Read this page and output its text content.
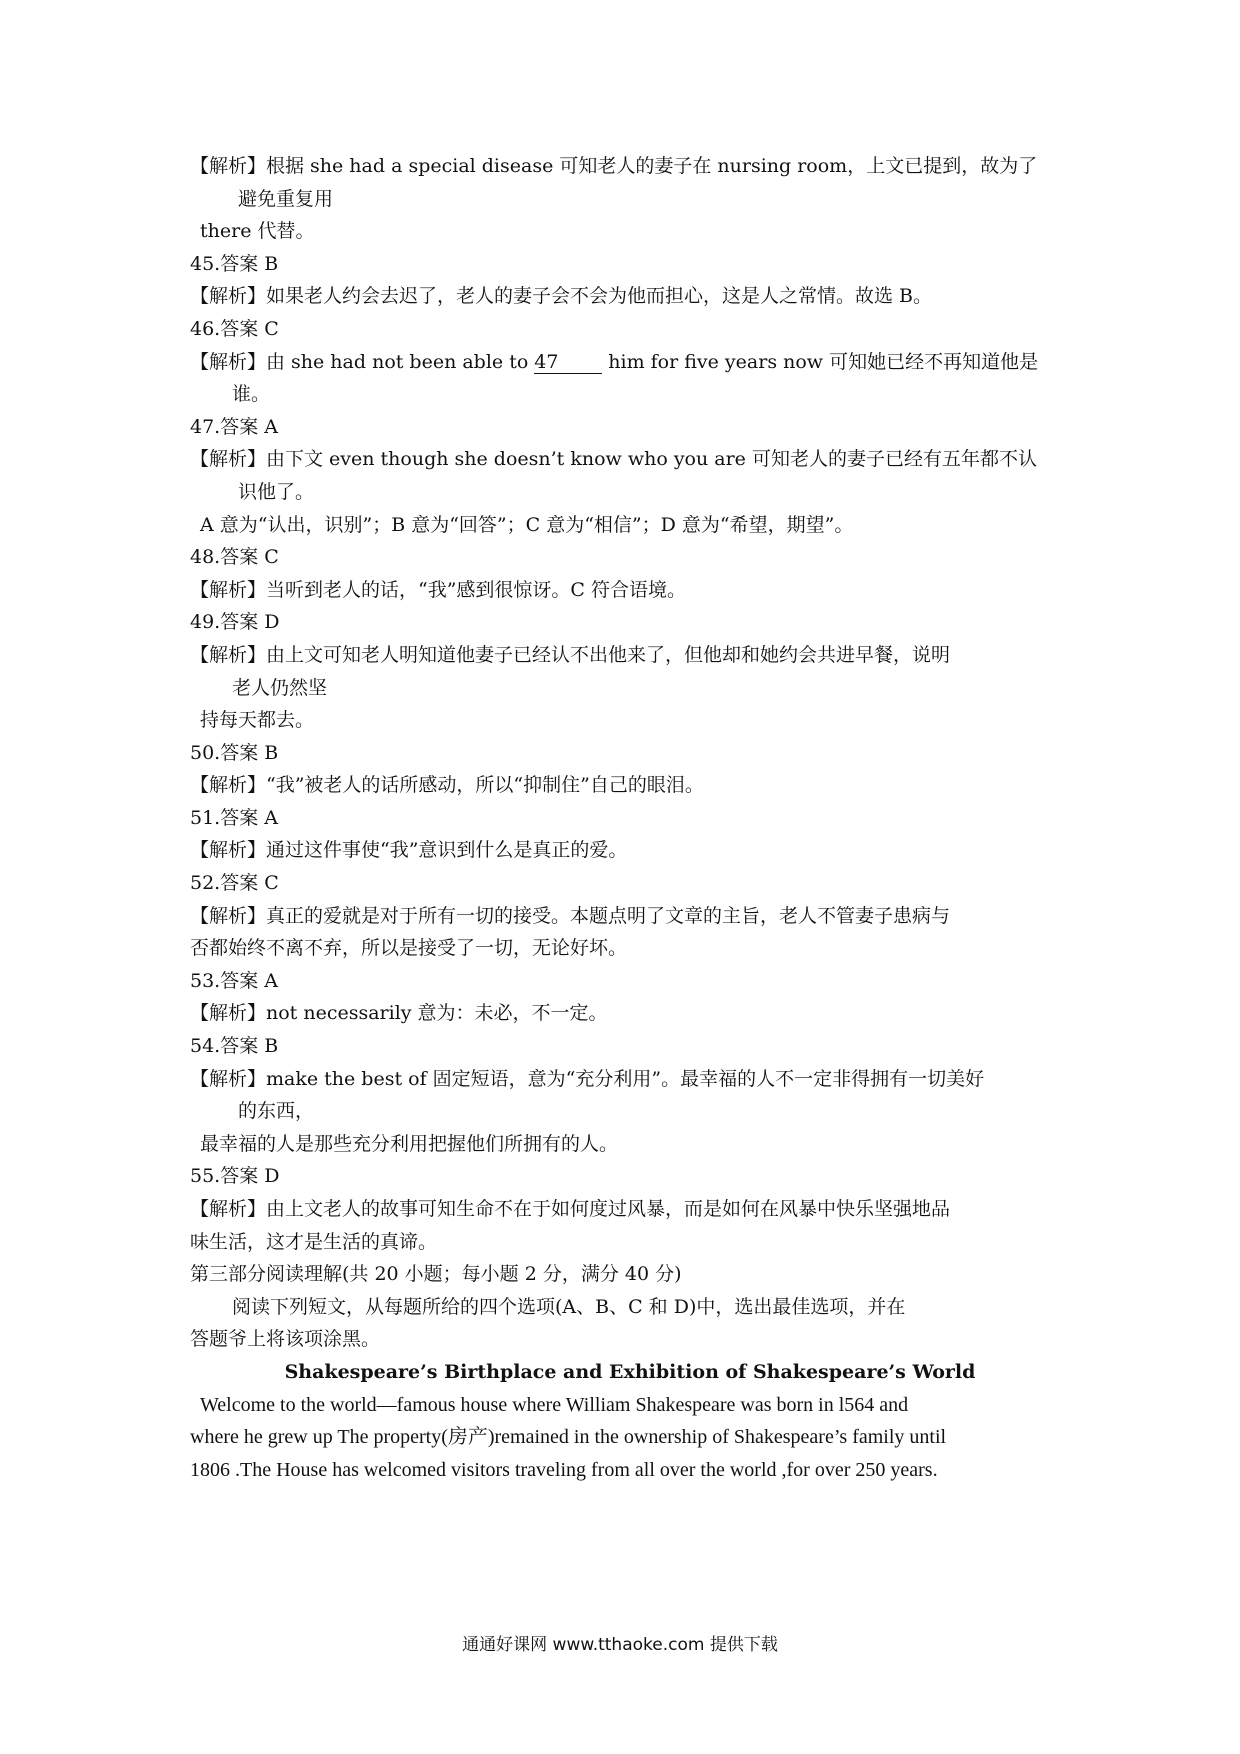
【解析】根据 she had a special disease 可知老人的妻子在 nursing room，上文已提到，故为了
避免重复用
there 代替。
45.答案 B
【解析】如果老人约会去迟了，老人的妻子会不会为他而担心，这是人之常情。故选 B。
46.答案 C
【解析】由 she had not been able to 47	him for five years now 可知她已经不再知道他是
谁。
47.答案 A
【解析】由下文 even though she doesn’t know who you are 可知老人的妻子已经有五年都不认
识他了。
A 意为“认出，识别”；B 意为“回答”；C 意为“相信”；D 意为“希望，期望”。
48.答案 C
【解析】当听到老人的话，“我”感到很惊讶。C 符合语境。
49.答案 D
【解析】由上文可知老人明知道他妻子已经认不出他来了，但他却和她约会共进早餐，说明
老人仍然坚
持每天都去。
50.答案 B
【解析】“我”被老人的话所感动，所以“抑制住”自己的眼泪。
51.答案 A
【解析】通过这件事使“我”意识到什么是真正的爱。
52.答案 C
【解析】真正的爱就是对于所有一切的接受。本题点明了文章的主旨，老人不管妻子患病与
否都始终不离不弃，所以是接受了一切，无论好坏。
53.答案 A
【解析】not necessarily 意为：未必，不一定。
54.答案 B
【解析】make the best of 固定短语，意为“充分利用”。最幸福的人不一定非得拥有一切美好
的东西，
最幸福的人是那些充分利用把握他们所拥有的人。
55.答案 D
【解析】由上文老人的故事可知生命不在于如何度过风暴，而是如何在风暴中快乐坚强地品
味生活，这才是生活的真谛。
第三部分阅读理解(共 20 小题；每小题 2 分，满分 40 分)
阅读下列短文，从每题所给的四个选项(A、B、C 和 D)中，选出最佳选项，并在
答题爷上将该项涂黑。
Shakespeare’s Birthplace and Exhibition of Shakespeare’s World
Welcome to the world—famous house where William Shakespeare was born in l564 and
where he grew up The property(房产)remained in the ownership of Shakespeare’s family until
1806 .The House has welcomed visitors traveling from all over the world ,for over 250 years.
通通好课网 www.tthaoke.com 提供下载
